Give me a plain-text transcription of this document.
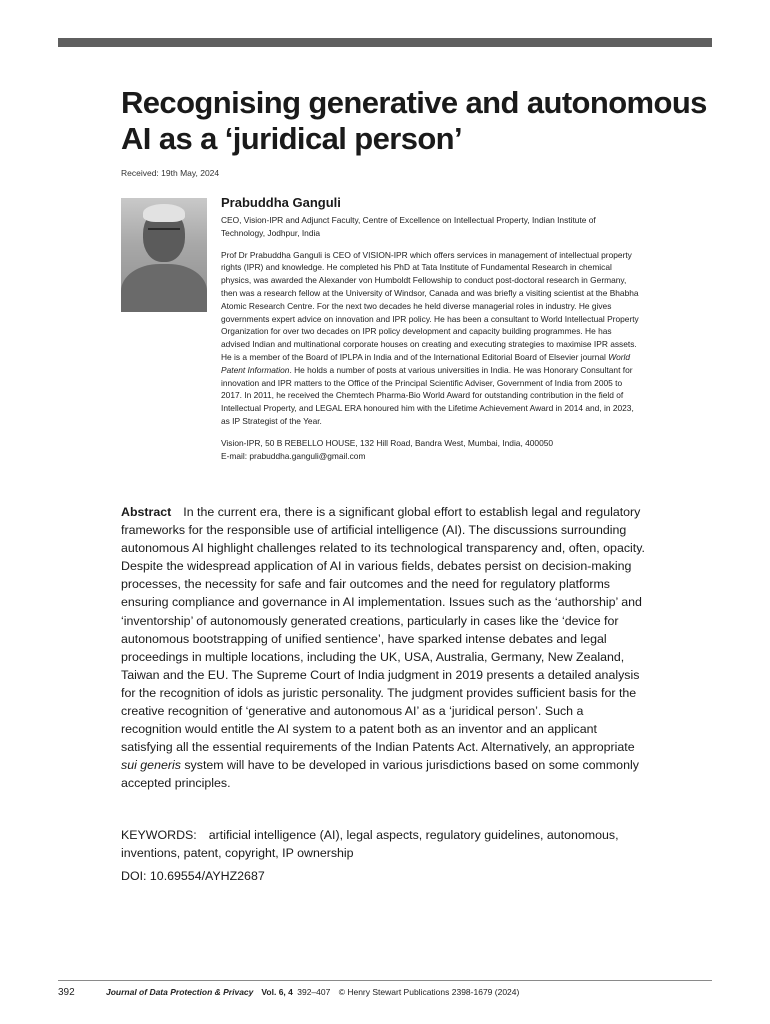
Recognising generative and autonomous AI as a ‘juridical person’
Received: 19th May, 2024

Prabuddha Ganguli

CEO, Vision-IPR and Adjunct Faculty, Centre of Excellence on Intellectual Property, Indian Institute of Technology, Jodhpur, India

Prof Dr Prabuddha Ganguli is CEO of VISION-IPR which offers services in management of intellectual property rights (IPR) and knowledge. He completed his PhD at Tata Institute of Fundamental Research in chemical physics, was awarded the Alexander von Humboldt Fellowship to conduct post-doctoral research in Germany, then was a research fellow at the University of Windsor, Canada and was briefly a visiting scientist at the Bhabha Atomic Research Centre. For the next two decades he held diverse managerial roles in industry. He gives governments expert advice on innovation and IPR policy. He has been a consultant to World Intellectual Property Organization for over two decades on IPR policy development and capacity building programmes. He has advised Indian and multinational corporate houses on creating and executing strategies to maximise IPR assets. He is a member of the Board of IPLPA in India and of the International Editorial Board of Elsevier journal World Patent Information. He holds a number of posts at various universities in India. He was Honorary Consultant for innovation and IPR matters to the Office of the Principal Scientific Adviser, Government of India from 2005 to 2017. In 2011, he received the Chemtech Pharma-Bio World Award for outstanding contribution in the field of Intellectual Property, and LEGAL ERA honoured him with the Lifetime Achievement Award in 2014 and, in 2023, as IP Strategist of the Year.

Vision-IPR, 50 B REBELLO HOUSE, 132 Hill Road, Bandra West, Mumbai, India, 400050

E-mail: prabuddha.ganguli@gmail.com

Abstract In the current era, there is a significant global effort to establish legal and regulatory frameworks for the responsible use of artificial intelligence (AI). The discussions surrounding autonomous AI highlight challenges related to its technological transparency and, often, opacity. Despite the widespread application of AI in various fields, debates persist on decision-making processes, the necessity for safe and fair outcomes and the need for regulatory platforms ensuring compliance and governance in AI implementation. Issues such as the ‘authorship’ and ‘inventorship’ of autonomously generated creations, particularly in cases like the ‘device for autonomous bootstrapping of unified sentience’, have sparked intense debates and legal proceedings in multiple locations, including the UK, USA, Australia, Germany, New Zealand, Taiwan and the EU. The Supreme Court of India judgment in 2019 presents a detailed analysis for the recognition of idols as juristic personality. The judgment provides sufficient basis for the creative recognition of ‘generative and autonomous AI’ as a ‘juridical person’. Such a recognition would entitle the AI system to a patent both as an inventor and an applicant satisfying all the essential requirements of the Indian Patents Act. Alternatively, an appropriate sui generis system will have to be developed in various jurisdictions based on some commonly accepted principles.

KEYWORDS: artificial intelligence (AI), legal aspects, regulatory guidelines, autonomous, inventions, patent, copyright, IP ownership

DOI: 10.69554/AYHZ2687

392	Journal of Data Protection & Privacy Vol. 6, 4 392–407 © Henry Stewart Publications 2398-1679 (2024)
